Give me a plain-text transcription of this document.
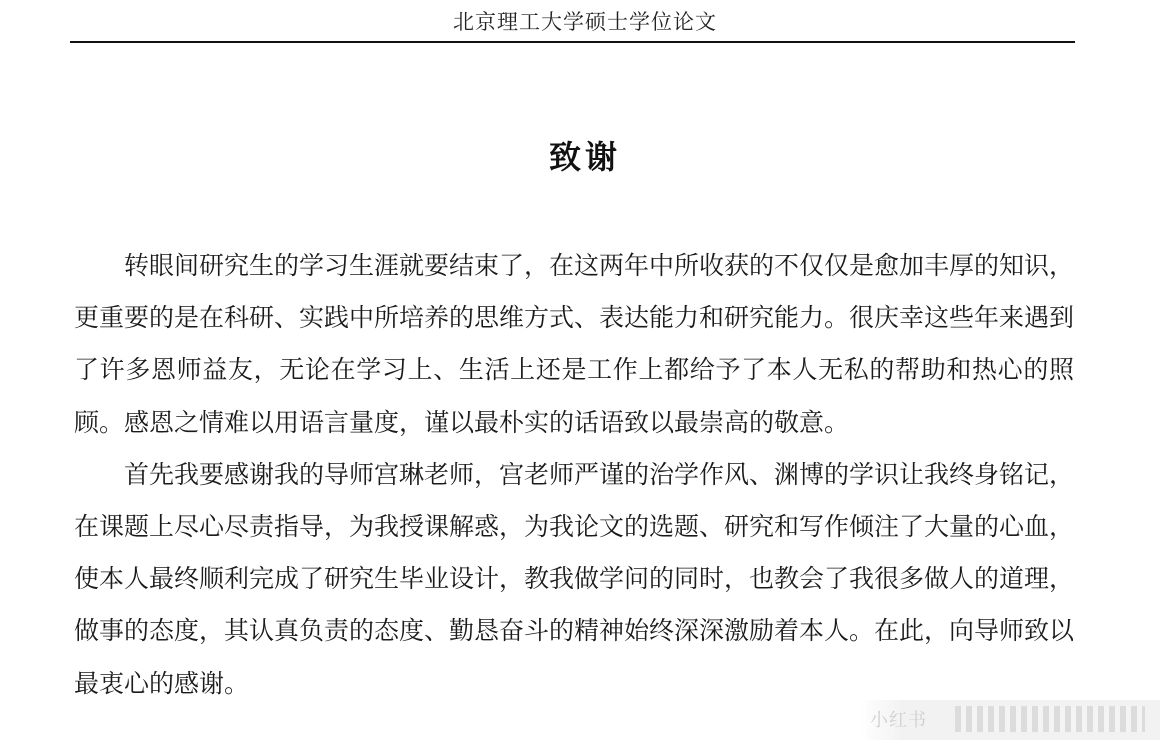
北京理工大学硕士学位论文
致谢

转眼间研究生的学习生涯就要结束了，在这两年中所收获的不仅仅是愈加丰厚的知识，更重要的是在科研、实践中所培养的思维方式、表达能力和研究能力。很庆幸这些年来遇到了许多恩师益友，无论在学习上、生活上还是工作上都给予了本人无私的帮助和热心的照顾。感恩之情难以用语言量度，谨以最朴实的话语致以最崇高的敬意。

首先我要感谢我的导师宫琳老师，宫老师严谨的治学作风、渊博的学识让我终身铭记，在课题上尽心尽责指导，为我授课解惑，为我论文的选题、研究和写作倾注了大量的心血，使本人最终顺利完成了研究生毕业设计，教我做学问的同时，也教会了我很多做人的道理，做事的态度，其认真负责的态度、勤恳奋斗的精神始终深深激励着本人。在此，向导师致以最衷心的感谢。

小红书
